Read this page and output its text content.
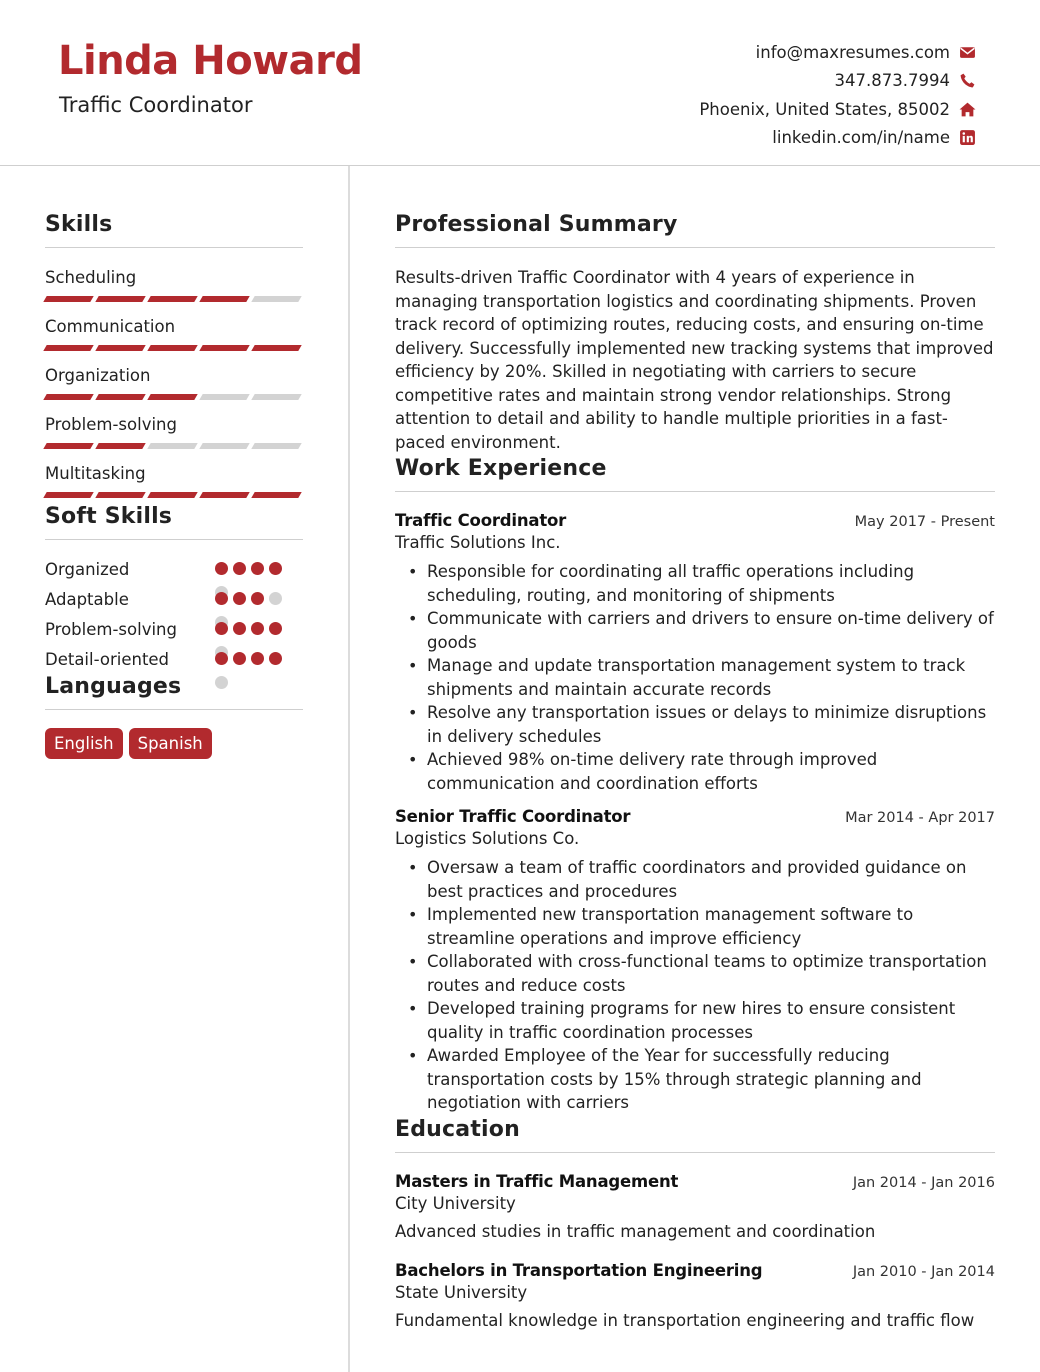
Linda Howard
Traffic Coordinator
info@maxresumes.com
347.873.7994
Phoenix, United States, 85002
linkedin.com/in/name
Skills
Scheduling
Communication
Organization
Problem-solving
Multitasking
Soft Skills
Organized
Adaptable
Problem-solving
Detail-oriented
Languages
English	Spanish
Professional Summary
Results-driven Traffic Coordinator with 4 years of experience in managing transportation logistics and coordinating shipments. Proven track record of optimizing routes, reducing costs, and ensuring on-time delivery. Successfully implemented new tracking systems that improved efficiency by 20%. Skilled in negotiating with carriers to secure competitive rates and maintain strong vendor relationships. Strong attention to detail and ability to handle multiple priorities in a fast-paced environment.
Work Experience
Traffic Coordinator	May 2017 - Present
Traffic Solutions Inc.
• Responsible for coordinating all traffic operations including scheduling, routing, and monitoring of shipments
• Communicate with carriers and drivers to ensure on-time delivery of goods
• Manage and update transportation management system to track shipments and maintain accurate records
• Resolve any transportation issues or delays to minimize disruptions in delivery schedules
• Achieved 98% on-time delivery rate through improved communication and coordination efforts
Senior Traffic Coordinator	Mar 2014 - Apr 2017
Logistics Solutions Co.
• Oversaw a team of traffic coordinators and provided guidance on best practices and procedures
• Implemented new transportation management software to streamline operations and improve efficiency
• Collaborated with cross-functional teams to optimize transportation routes and reduce costs
• Developed training programs for new hires to ensure consistent quality in traffic coordination processes
• Awarded Employee of the Year for successfully reducing transportation costs by 15% through strategic planning and negotiation with carriers
Education
Masters in Traffic Management	Jan 2014 - Jan 2016
City University
Advanced studies in traffic management and coordination
Bachelors in Transportation Engineering	Jan 2010 - Jan 2014
State University
Fundamental knowledge in transportation engineering and traffic flow
